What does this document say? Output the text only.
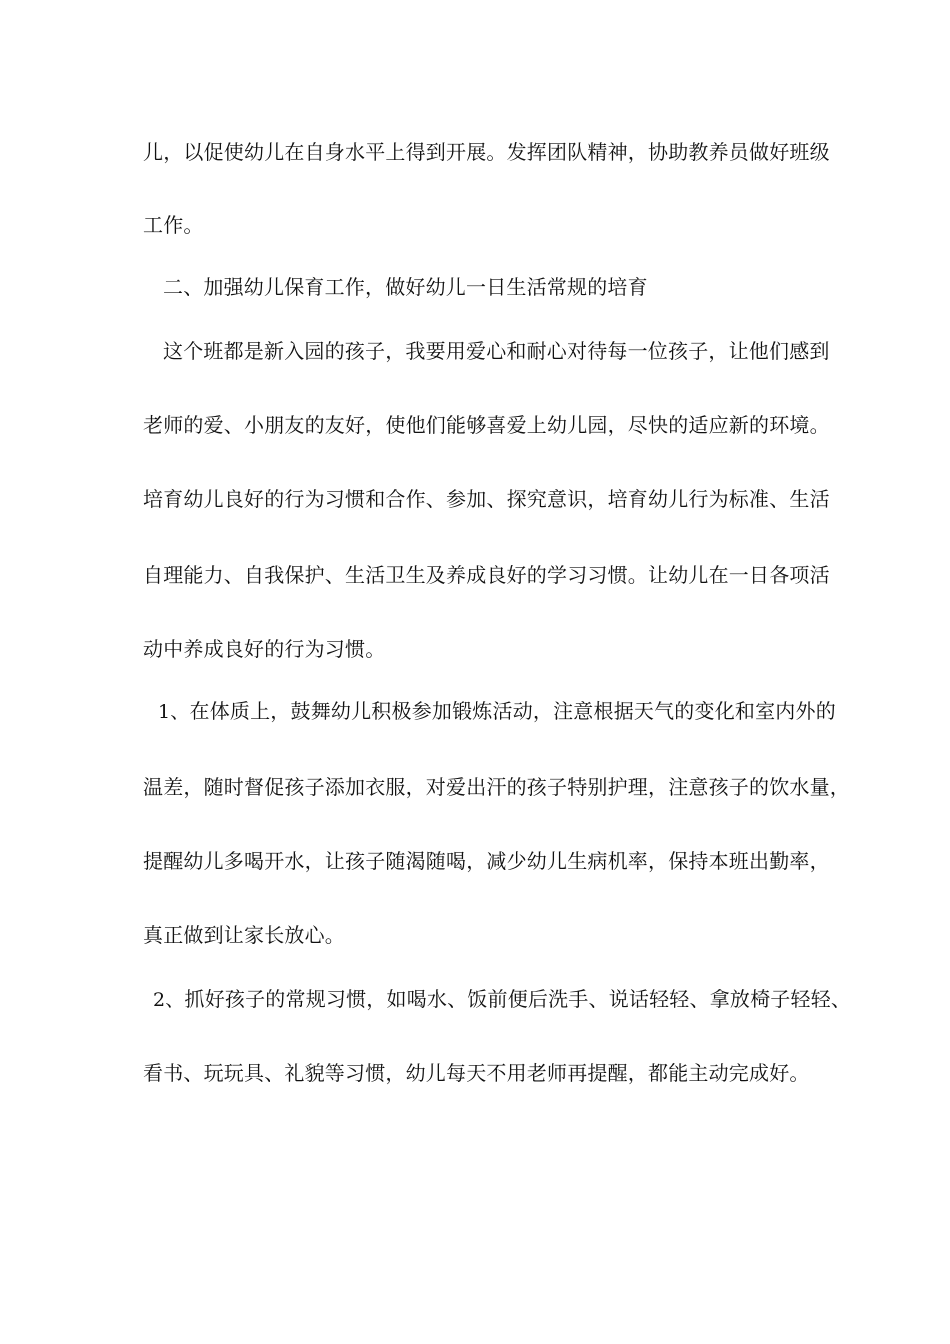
儿，以促使幼儿在自身水平上得到开展。发挥团队精神，协助教养员做好班级
工作。
二、加强幼儿保育工作，做好幼儿一日生活常规的培育
这个班都是新入园的孩子，我要用爱心和耐心对待每一位孩子，让他们感到
老师的爱、小朋友的友好，使他们能够喜爱上幼儿园，尽快的适应新的环境。
培育幼儿良好的行为习惯和合作、参加、探究意识，培育幼儿行为标准、生活
自理能力、自我保护、生活卫生及养成良好的学习习惯。让幼儿在一日各项活
动中养成良好的行为习惯。
1、在体质上，鼓舞幼儿积极参加锻炼活动，注意根据天气的变化和室内外的
温差，随时督促孩子添加衣服，对爱出汗的孩子特别护理，注意孩子的饮水量，
提醒幼儿多喝开水，让孩子随渴随喝，减少幼儿生病机率，保持本班出勤率，
真正做到让家长放心。
2、抓好孩子的常规习惯，如喝水、饭前便后洗手、说话轻轻、拿放椅子轻轻、
看书、玩玩具、礼貌等习惯，幼儿每天不用老师再提醒，都能主动完成好。
